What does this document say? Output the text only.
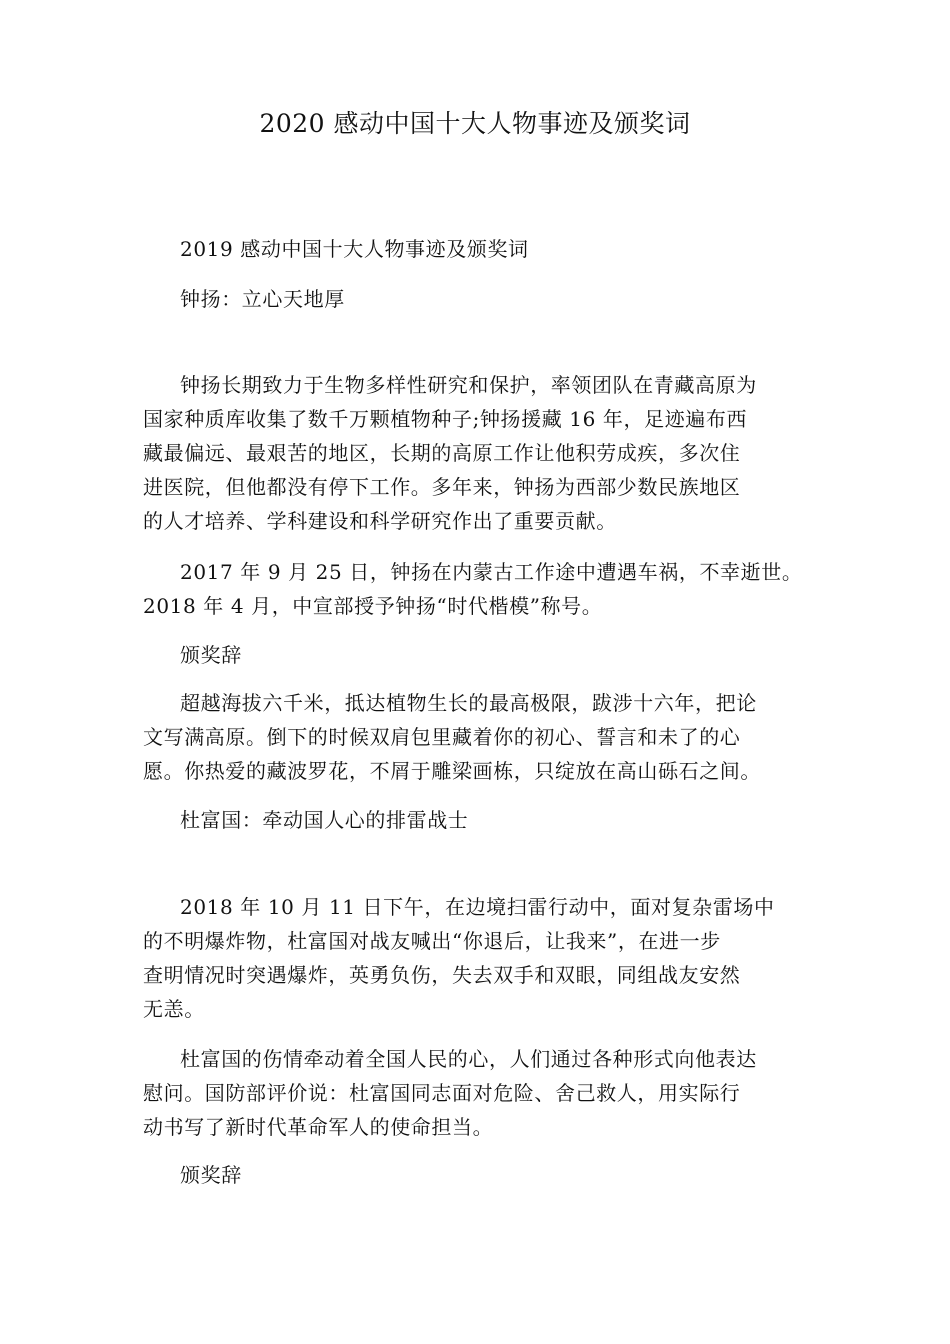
2020 感动中国十大人物事迹及颁奖词
2019 感动中国十大人物事迹及颁奖词
钟扬：立心天地厚
钟扬长期致力于生物多样性研究和保护，率领团队在青藏高原为
国家种质库收集了数千万颗植物种子;钟扬援藏 16 年，足迹遍布西
藏最偏远、最艰苦的地区，长期的高原工作让他积劳成疾，多次住
进医院，但他都没有停下工作。多年来，钟扬为西部少数民族地区
的人才培养、学科建设和科学研究作出了重要贡献。
2017 年 9 月 25 日，钟扬在内蒙古工作途中遭遇车祸，不幸逝世。
2018 年 4 月，中宣部授予钟扬“时代楷模”称号。
颁奖辞
超越海拔六千米，抵达植物生长的最高极限，跋涉十六年，把论
文写满高原。倒下的时候双肩包里藏着你的初心、誓言和未了的心
愿。你热爱的藏波罗花，不屑于雕梁画栋，只绽放在高山砾石之间。
杜富国：牵动国人心的排雷战士
2018 年 10 月 11 日下午，在边境扫雷行动中，面对复杂雷场中
的不明爆炸物，杜富国对战友喊出“你退后，让我来”，在进一步
查明情况时突遇爆炸，英勇负伤，失去双手和双眼，同组战友安然
无恙。
杜富国的伤情牵动着全国人民的心，人们通过各种形式向他表达
慰问。国防部评价说：杜富国同志面对危险、舍己救人，用实际行
动书写了新时代革命军人的使命担当。
颁奖辞
